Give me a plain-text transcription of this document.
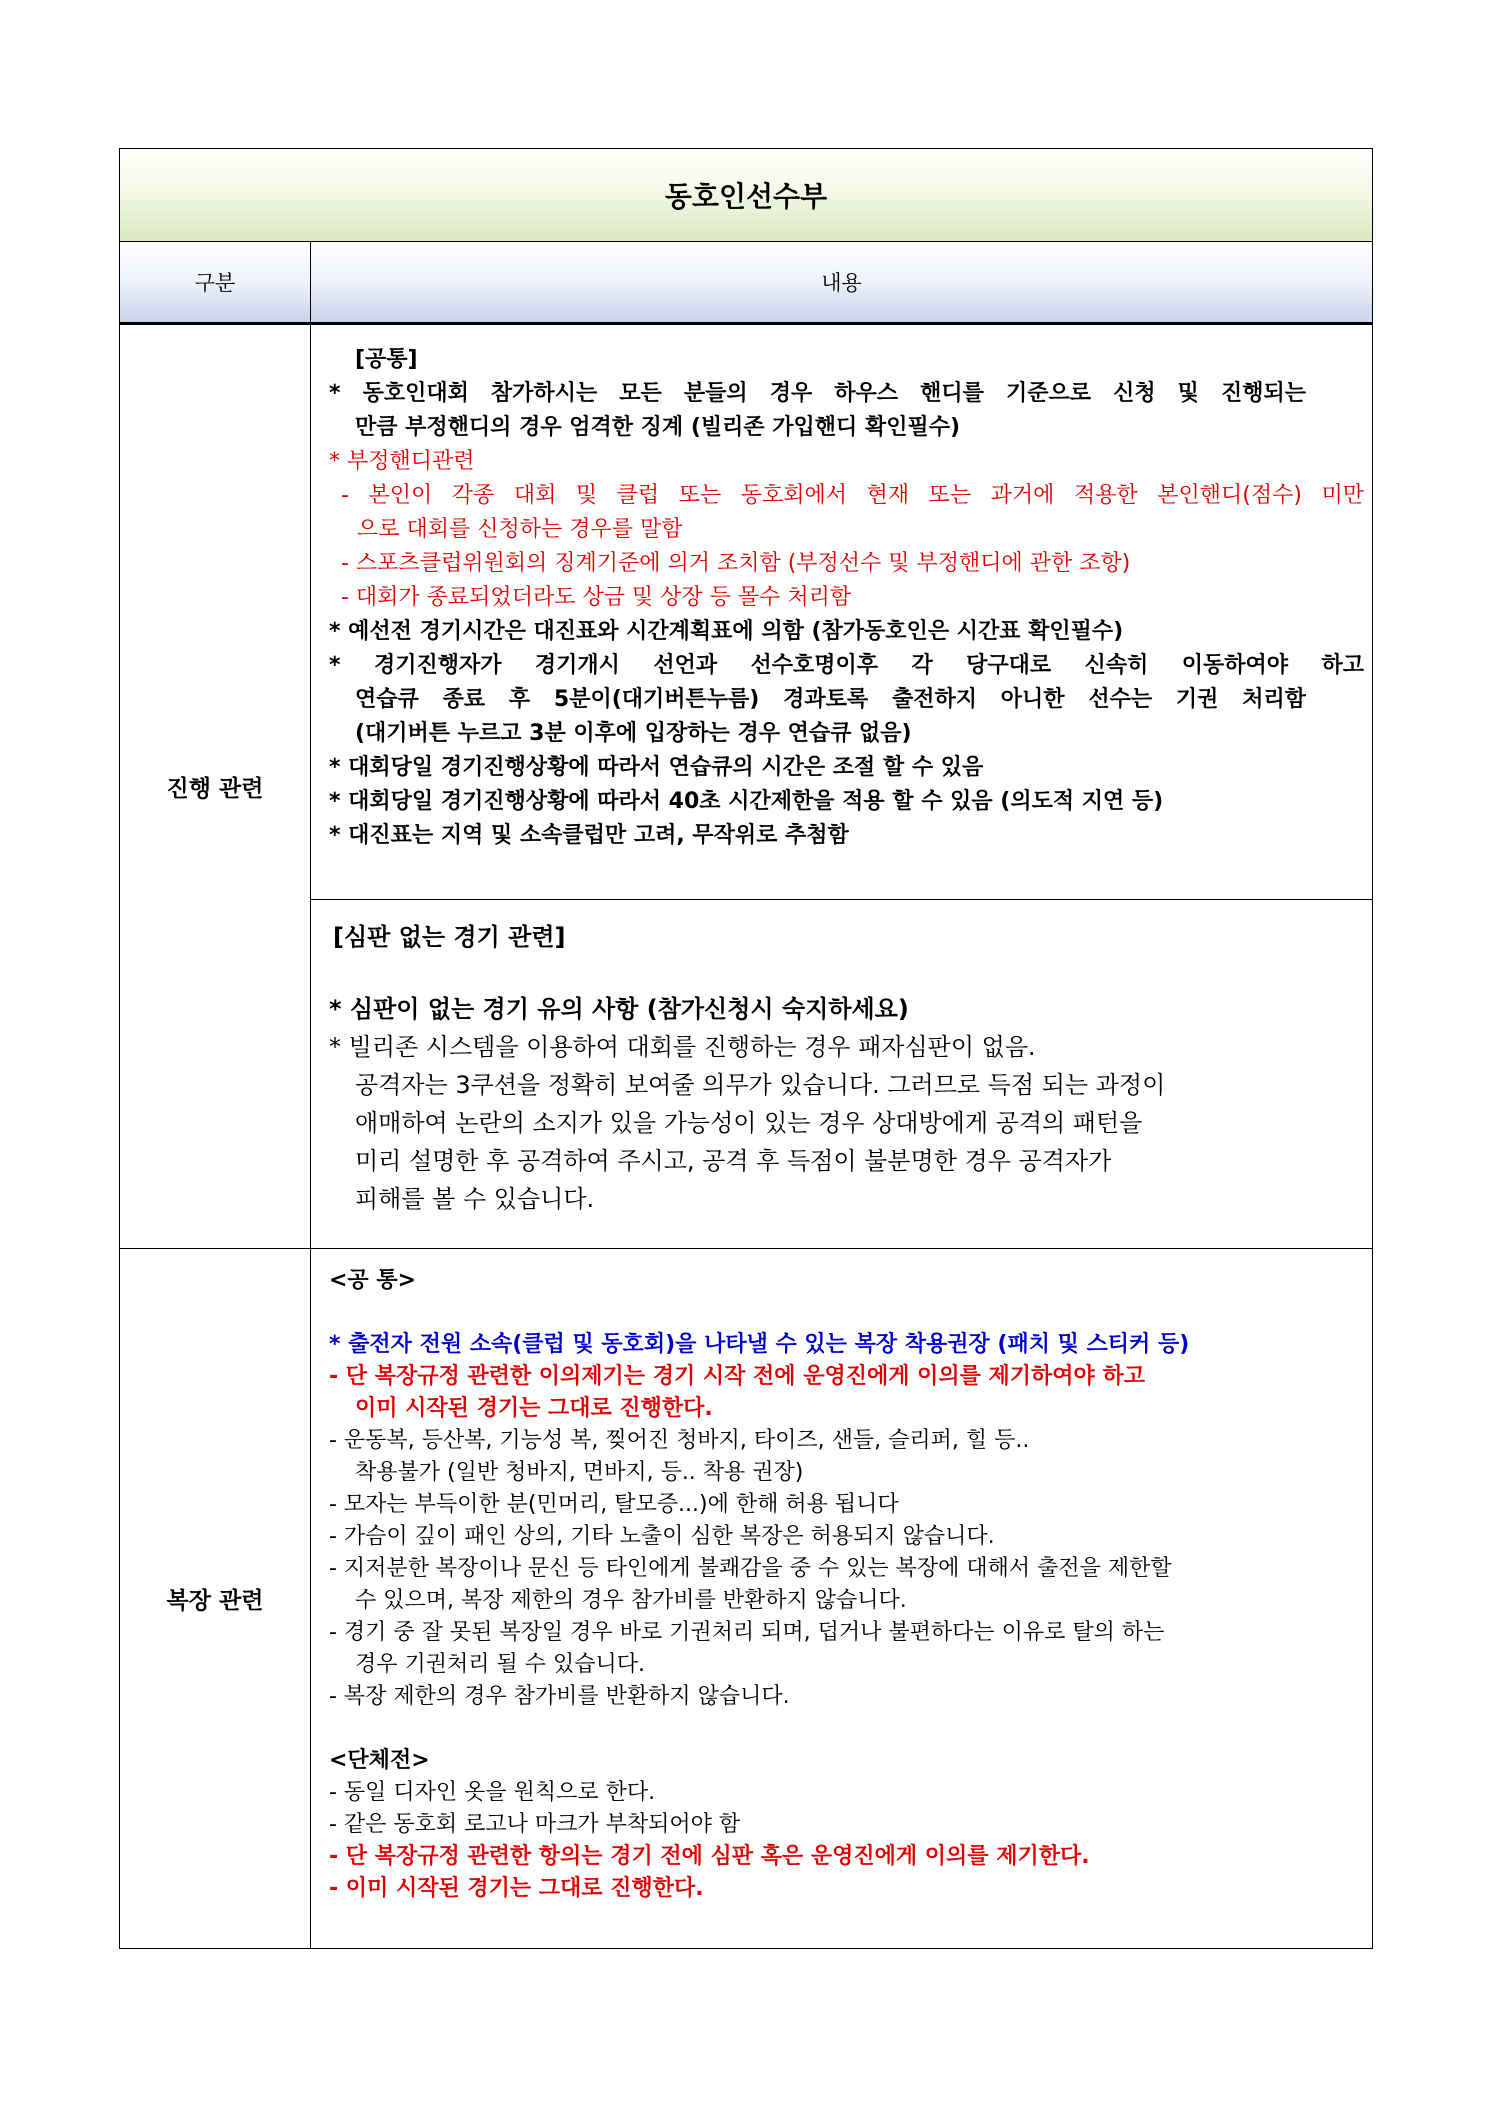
동호인선수부
구분	내용
진행 관련
[공통]
* 동호인대회 참가하시는 모든 분들의 경우 하우스 핸디를 기준으로 신청 및 진행되는
만큼 부정핸디의 경우 엄격한 징계 (빌리존 가입핸디 확인필수)
* 부정핸디관련
- 본인이 각종 대회 및 클럽 또는 동호회에서 현재 또는 과거에 적용한 본인핸디(점수) 미만
으로 대회를 신청하는 경우를 말함
- 스포츠클럽위원회의 징계기준에 의거 조치함 (부정선수 및 부정핸디에 관한 조항)
- 대회가 종료되었더라도 상금 및 상장 등 몰수 처리함
* 예선전 경기시간은 대진표와 시간계획표에 의함 (참가동호인은 시간표 확인필수)
* 경기진행자가 경기개시 선언과 선수호명이후 각 당구대로 신속히 이동하여야 하고
연습큐 종료 후 5분이(대기버튼누름) 경과토록 출전하지 아니한 선수는 기권 처리함
(대기버튼 누르고 3분 이후에 입장하는 경우 연습큐 없음)
* 대회당일 경기진행상황에 따라서 연습큐의 시간은 조절 할 수 있음
* 대회당일 경기진행상황에 따라서 40초 시간제한을 적용 할 수 있음 (의도적 지연 등)
* 대진표는 지역 및 소속클럽만 고려, 무작위로 추첨함
[심판 없는 경기 관련]
* 심판이 없는 경기 유의 사항 (참가신청시 숙지하세요)
* 빌리존 시스템을 이용하여 대회를 진행하는 경우 패자심판이 없음.
공격자는 3쿠션을 정확히 보여줄 의무가 있습니다. 그러므로 득점 되는 과정이
애매하여 논란의 소지가 있을 가능성이 있는 경우 상대방에게 공격의 패턴을
미리 설명한 후 공격하여 주시고, 공격 후 득점이 불분명한 경우 공격자가
피해를 볼 수 있습니다.
복장 관련
<공 통>
* 출전자 전원 소속(클럽 및 동호회)을 나타낼 수 있는 복장 착용권장 (패치 및 스티커 등)
- 단 복장규정 관련한 이의제기는 경기 시작 전에 운영진에게 이의를 제기하여야 하고
이미 시작된 경기는 그대로 진행한다.
- 운동복, 등산복, 기능성 복, 찢어진 청바지, 타이즈, 샌들, 슬리퍼, 힐 등..
착용불가 (일반 청바지, 면바지, 등.. 착용 권장)
- 모자는 부득이한 분(민머리, 탈모증...)에 한해 허용 됩니다
- 가슴이 깊이 패인 상의, 기타 노출이 심한 복장은 허용되지 않습니다.
- 지저분한 복장이나 문신 등 타인에게 불쾌감을 중 수 있는 복장에 대해서 출전을 제한할
수 있으며, 복장 제한의 경우 참가비를 반환하지 않습니다.
- 경기 중 잘 못된 복장일 경우 바로 기권처리 되며, 덥거나 불편하다는 이유로 탈의 하는
경우 기권처리 될 수 있습니다.
- 복장 제한의 경우 참가비를 반환하지 않습니다.
<단체전>
- 동일 디자인 옷을 원칙으로 한다.
- 같은 동호회 로고나 마크가 부착되어야 함
- 단 복장규정 관련한 항의는 경기 전에 심판 혹은 운영진에게 이의를 제기한다.
- 이미 시작된 경기는 그대로 진행한다.
